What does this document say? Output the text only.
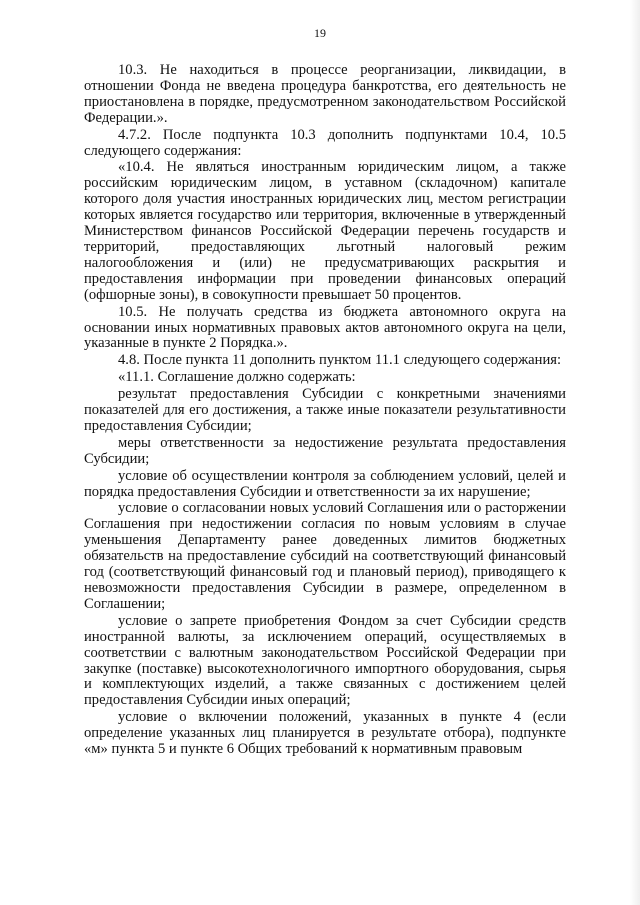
19

10.3. Не находиться в процессе реорганизации, ликвидации, в отношении Фонда не введена процедура банкротства, его деятельность не приостановлена в порядке, предусмотренном законодательством Российской Федерации.».

4.7.2. После подпункта 10.3 дополнить подпунктами 10.4, 10.5 следующего содержания:

«10.4. Не являться иностранным юридическим лицом, а также российским юридическим лицом, в уставном (складочном) капитале которого доля участия иностранных юридических лиц, местом регистрации которых является государство или территория, включенные в утвержденный Министерством финансов Российской Федерации перечень государств и территорий, предоставляющих льготный налоговый режим налогообложения и (или) не предусматривающих раскрытия и предоставления информации при проведении финансовых операций (офшорные зоны), в совокупности превышает 50 процентов.

10.5. Не получать средства из бюджета автономного округа на основании иных нормативных правовых актов автономного округа на цели, указанные в пункте 2 Порядка.».

4.8. После пункта 11 дополнить пунктом 11.1 следующего содержания:

«11.1. Соглашение должно содержать:

результат предоставления Субсидии с конкретными значениями показателей для его достижения, а также иные показатели результативности предоставления Субсидии;

меры ответственности за недостижение результата предоставления Субсидии;

условие об осуществлении контроля за соблюдением условий, целей и порядка предоставления Субсидии и ответственности за их нарушение;

условие о согласовании новых условий Соглашения или о расторжении Соглашения при недостижении согласия по новым условиям в случае уменьшения Департаменту ранее доведенных лимитов бюджетных обязательств на предоставление субсидий на соответствующий финансовый год (соответствующий финансовый год и плановый период), приводящего к невозможности предоставления Субсидии в размере, определенном в Соглашении;

условие о запрете приобретения Фондом за счет Субсидии средств иностранной валюты, за исключением операций, осуществляемых в соответствии с валютным законодательством Российской Федерации при закупке (поставке) высокотехнологичного импортного оборудования, сырья и комплектующих изделий, а также связанных с достижением целей предоставления Субсидии иных операций;

условие о включении положений, указанных в пункте 4 (если определение указанных лиц планируется в результате отбора), подпункте «м» пункта 5 и пункте 6 Общих требований к нормативным правовым
